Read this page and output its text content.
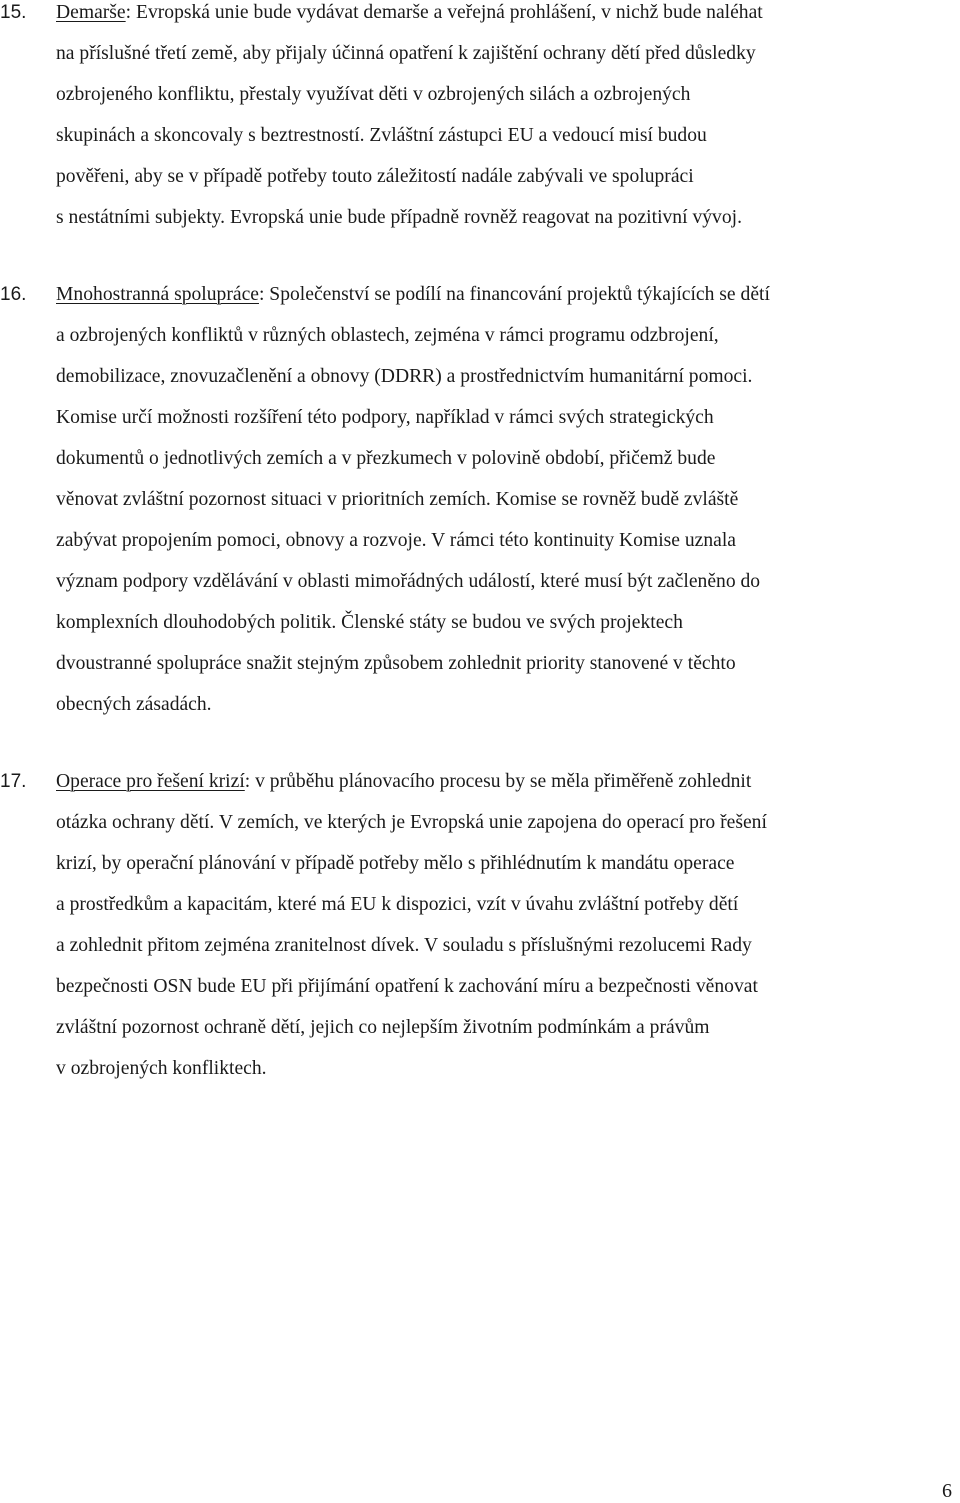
15. Demarše: Evropská unie bude vydávat demarše a veřejná prohlášení, v nichž bude naléhat
na příslušné třetí země, aby přijaly účinná opatření k zajištění ochrany dětí před důsledky
ozbrojeného konfliktu, přestaly využívat děti v ozbrojených silách a ozbrojených
skupinách a skoncovaly s beztrestností. Zvláštní zástupci EU a vedoucí misí budou
pověřeni, aby se v případě potřeby touto záležitostí nadále zabývali ve spolupráci
s nestátními subjekty. Evropská unie bude případně rovněž reagovat na pozitivní vývoj.
16. Mnohostranná spolupráce: Společenství se podílí na financování projektů týkajících se dětí
a ozbrojených konfliktů v různých oblastech, zejména v rámci programu odzbrojení,
demobilizace, znovuzačlenění a obnovy (DDRR) a prostřednictvím humanitární pomoci.
Komise určí možnosti rozšíření této podpory, například v rámci svých strategických
dokumentů o jednotlivých zemích a v přezkumech v polovině období, přičemž bude
věnovat zvláštní pozornost situaci v prioritních zemích. Komise se rovněž budě zvláště
zabývat propojením pomoci, obnovy a rozvoje. V rámci této kontinuity Komise uznala
význam podpory vzdělávání v oblasti mimořádných událostí, které musí být začleněno do
komplexních dlouhodobých politik. Členské státy se budou ve svých projektech
dvoustranné spolupráce snažit stejným způsobem zohlednit priority stanovené v těchto
obecných zásadách.
17. Operace pro řešení krizí: v průběhu plánovacího procesu by se měla přiměřeně zohlednit
otázka ochrany dětí. V zemích, ve kterých je Evropská unie zapojena do operací pro řešení
krizí, by operační plánování v případě potřeby mělo s přihlédnutím k mandátu operace
a prostředkům a kapacitám, které má EU k dispozici, vzít v úvahu zvláštní potřeby dětí
a zohlednit přitom zejména zranitelnost dívek. V souladu s příslušnými rezolucemi Rady
bezpečnosti OSN bude EU při přijímání opatření k zachování míru a bezpečnosti věnovat
zvláštní pozornost ochraně dětí, jejich co nejlepším životním podmínkám a právům
v ozbrojených konfliktech.
6
